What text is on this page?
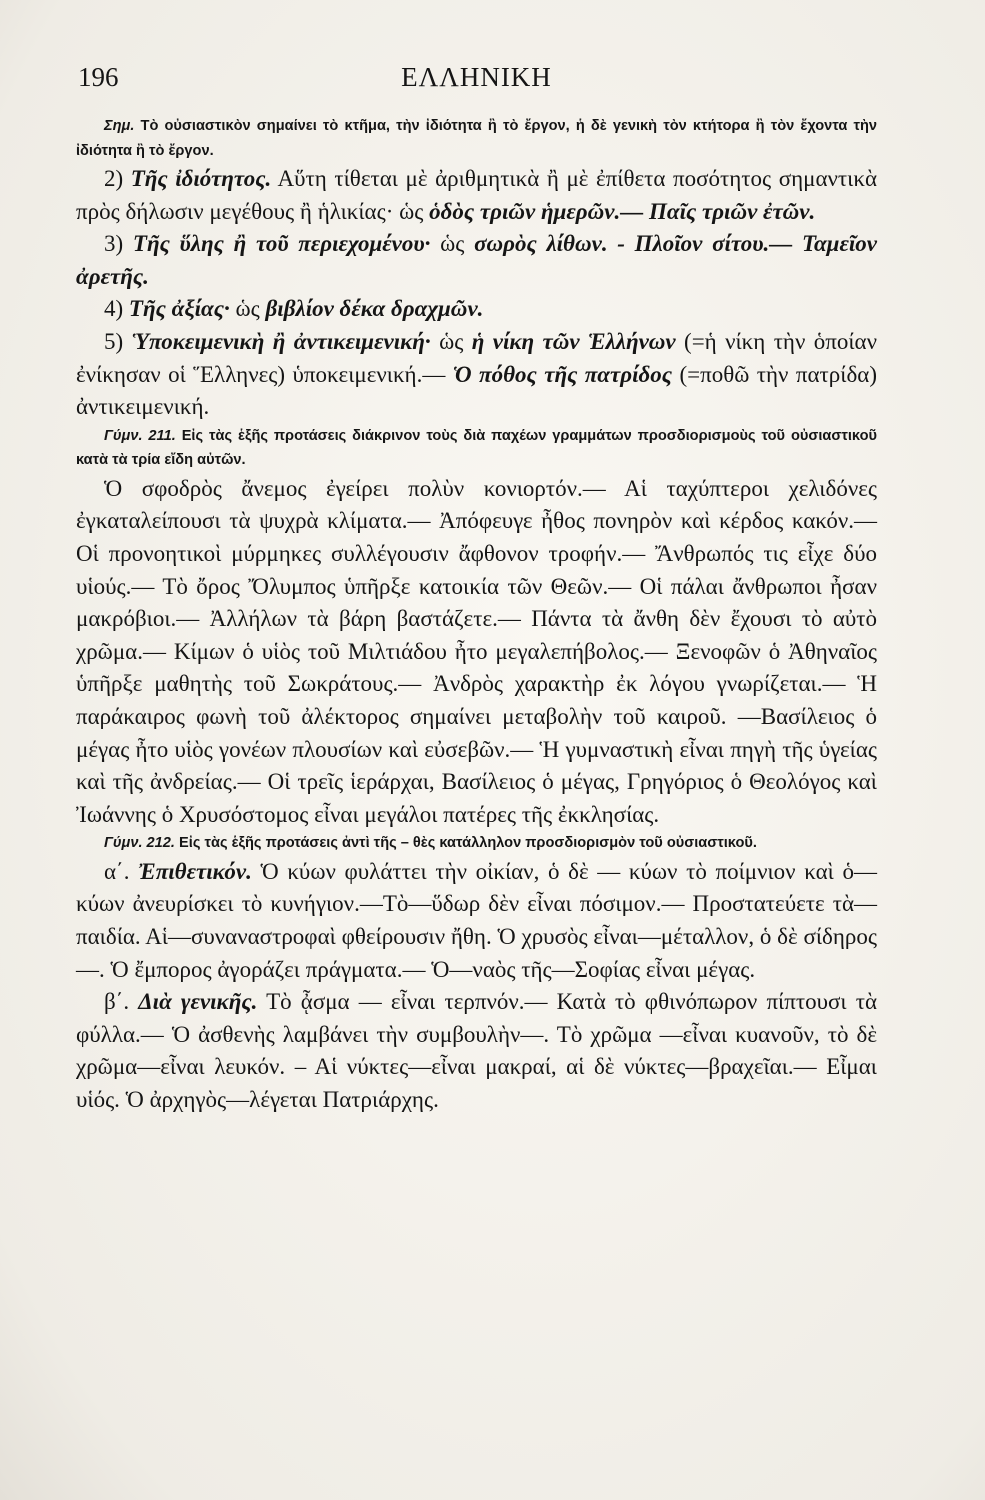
196	ΕΛΛΗΝΙΚΗ

Σημ. Τὸ οὐσιαστικὸν σημαίνει τὸ κτῆμα, τὴν ἰδιότητα ἢ τὸ ἔργον, ἡ δὲ γενικὴ τὸν κτήτορα ἢ τὸν ἔχοντα τὴν ἰδιότητα ἢ τὸ ἔργον.

2) Τῆς ἰδιότητος. Αὕτη τίθεται μὲ ἀριθμητικὰ ἢ μὲ ἐπίθετα ποσότητος σημαντικὰ πρὸς δήλωσιν μεγέθους ἢ ἡλικίας· ὡς ὁδὸς τριῶν ἡμερῶν.— Παῖς τριῶν ἐτῶν.

3) Τῆς ὕλης ἢ τοῦ περιεχομένου· ὡς σωρὸς λίθων. - Πλοῖον σίτου.— Ταμεῖον ἀρετῆς.

4) Τῆς ἀξίας· ὡς βιβλίον δέκα δραχμῶν.

5) Ὑποκειμενικὴ ἢ ἀντικειμενική· ὡς ἡ νίκη τῶν Ἑλλήνων (=ἡ νίκη τὴν ὁποίαν ἐνίκησαν οἱ Ἕλληνες) ὑποκειμενική.— Ὁ πόθος τῆς πατρίδος (=ποθῶ τὴν πατρίδα) ἀντικειμενική.

Γύμν. 211. Εἰς τὰς ἑξῆς προτάσεις διάκρινον τοὺς διὰ παχέων γραμμάτων προσδιορισμοὺς τοῦ οὐσιαστικοῦ κατὰ τὰ τρία εἴδη αὐτῶν.

Ὁ σφοδρὸς ἄνεμος ἐγείρει πολὺν κονιορτόν.— Αἱ ταχύπτεροι χελιδόνες ἐγκαταλείπουσι τὰ ψυχρὰ κλίματα.— Ἀπόφευγε ἦθος πονηρὸν καὶ κέρδος κακόν.— Οἱ προνοητικοὶ μύρμηκες συλλέγουσιν ἄφθονον τροφήν.— Ἄνθρωπός τις εἶχε δύο υἱούς.— Τὸ ὄρος Ὄλυμπος ὑπῆρξε κατοικία τῶν Θεῶν.— Οἱ πάλαι ἄνθρωποι ἦσαν μακρόβιοι.— Ἀλλήλων τὰ βάρη βαστάζετε.— Πάντα τὰ ἄνθη δὲν ἔχουσι τὸ αὐτὸ χρῶμα.— Κίμων ὁ υἱὸς τοῦ Μιλτιάδου ἦτο μεγαλεπήβολος.— Ξενοφῶν ὁ Ἀθηναῖος ὑπῆρξε μαθητὴς τοῦ Σωκράτους.— Ἀνδρὸς χαρακτὴρ ἐκ λόγου γνωρίζεται.— Ἡ παράκαιρος φωνὴ τοῦ ἀλέκτορος σημαίνει μεταβολὴν τοῦ καιροῦ. —Βασίλειος ὁ μέγας ἦτο υἱὸς γονέων πλουσίων καὶ εὐσεβῶν.— Ἡ γυμναστικὴ εἶναι πηγὴ τῆς ὑγείας καὶ τῆς ἀνδρείας.— Οἱ τρεῖς ἱεράρχαι, Βασίλειος ὁ μέγας, Γρηγόριος ὁ Θεολόγος καὶ Ἰωάννης ὁ Χρυσόστομος εἶναι μεγάλοι πατέρες τῆς ἐκκλησίας.

Γύμν. 212. Εἰς τὰς ἑξῆς προτάσεις ἀντὶ τῆς – θὲς κατάλληλον προσδιορισμὸν τοῦ οὐσιαστικοῦ.

α΄. Ἐπιθετικόν. Ὁ κύων φυλάττει τὴν οἰκίαν, ὁ δὲ — κύων τὸ ποίμνιον καὶ ὁ—κύων ἀνευρίσκει τὸ κυνήγιον.—Τὸ—ὕδωρ δὲν εἶναι πόσιμον.— Προστατεύετε τὰ—παιδία. Αἱ—συναναστροφαὶ φθείρουσιν ἤθη. Ὁ χρυσὸς εἶναι—μέταλλον, ὁ δὲ σίδηρος—. Ὁ ἔμπορος ἀγοράζει πράγματα.— Ὁ—ναὸς τῆς—Σοφίας εἶναι μέγας.

β΄. Διὰ γενικῆς. Τὸ ᾆσμα — εἶναι τερπνόν.— Κατὰ τὸ φθινόπωρον πίπτουσι τὰ φύλλα.— Ὁ ἀσθενὴς λαμβάνει τὴν συμβουλὴν—. Τὸ χρῶμα —εἶναι κυανοῦν, τὸ δὲ χρῶμα—εἶναι λευκόν. – Αἱ νύκτες—εἶναι μακραί, αἱ δὲ νύκτες—βραχεῖαι.— Εἶμαι υἱός. Ὁ ἀρχηγὸς—λέγεται Πατριάρχης.
